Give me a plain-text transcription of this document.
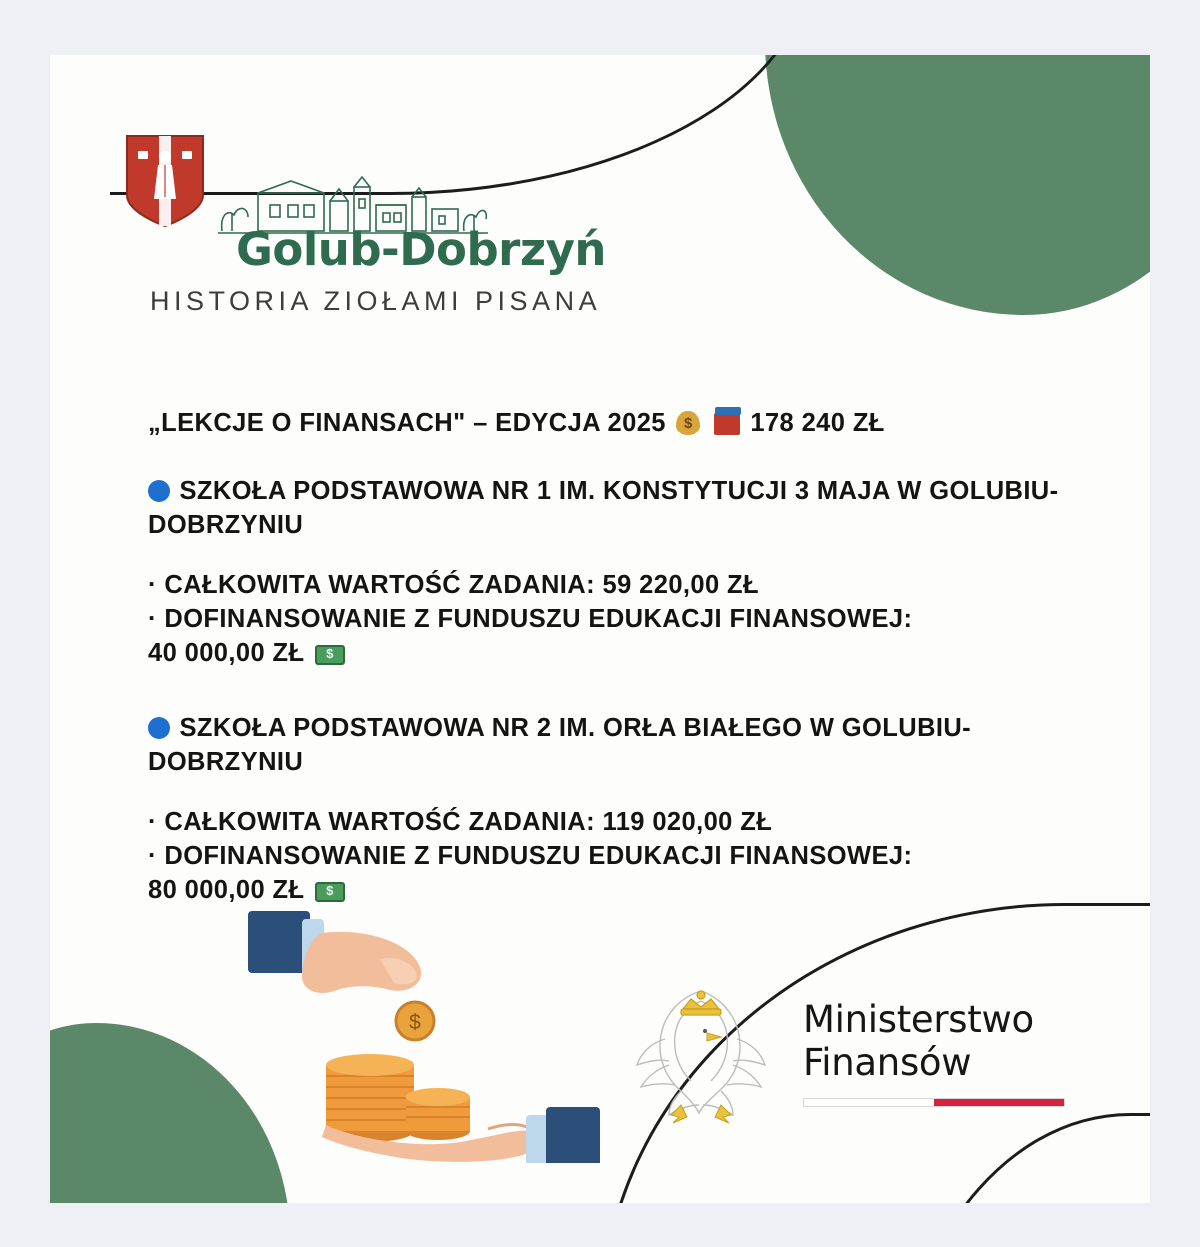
Golub-Dobrzyń
HISTORIA ZIOŁAMI PISANA
„LEKCJE O FINANSACH" – EDYCJA 2025 $	178 240 ZŁ
SZKOŁA PODSTAWOWA NR 1 IM. KONSTYTUCJI 3 MAJA W GOLUBIU-DOBRZYNIU
· CAŁKOWITA WARTOŚĆ ZADANIA: 59 220,00 ZŁ
· DOFINANSOWANIE Z FUNDUSZU EDUKACJI FINANSOWEJ:
40 000,00 ZŁ $
SZKOŁA PODSTAWOWA NR 2 IM. ORŁA BIAŁEGO W GOLUBIU-DOBRZYNIU
· CAŁKOWITA WARTOŚĆ ZADANIA: 119 020,00 ZŁ
· DOFINANSOWANIE Z FUNDUSZU EDUKACJI FINANSOWEJ:
80 000,00 ZŁ $
$	Ministerstwo
Finansów
